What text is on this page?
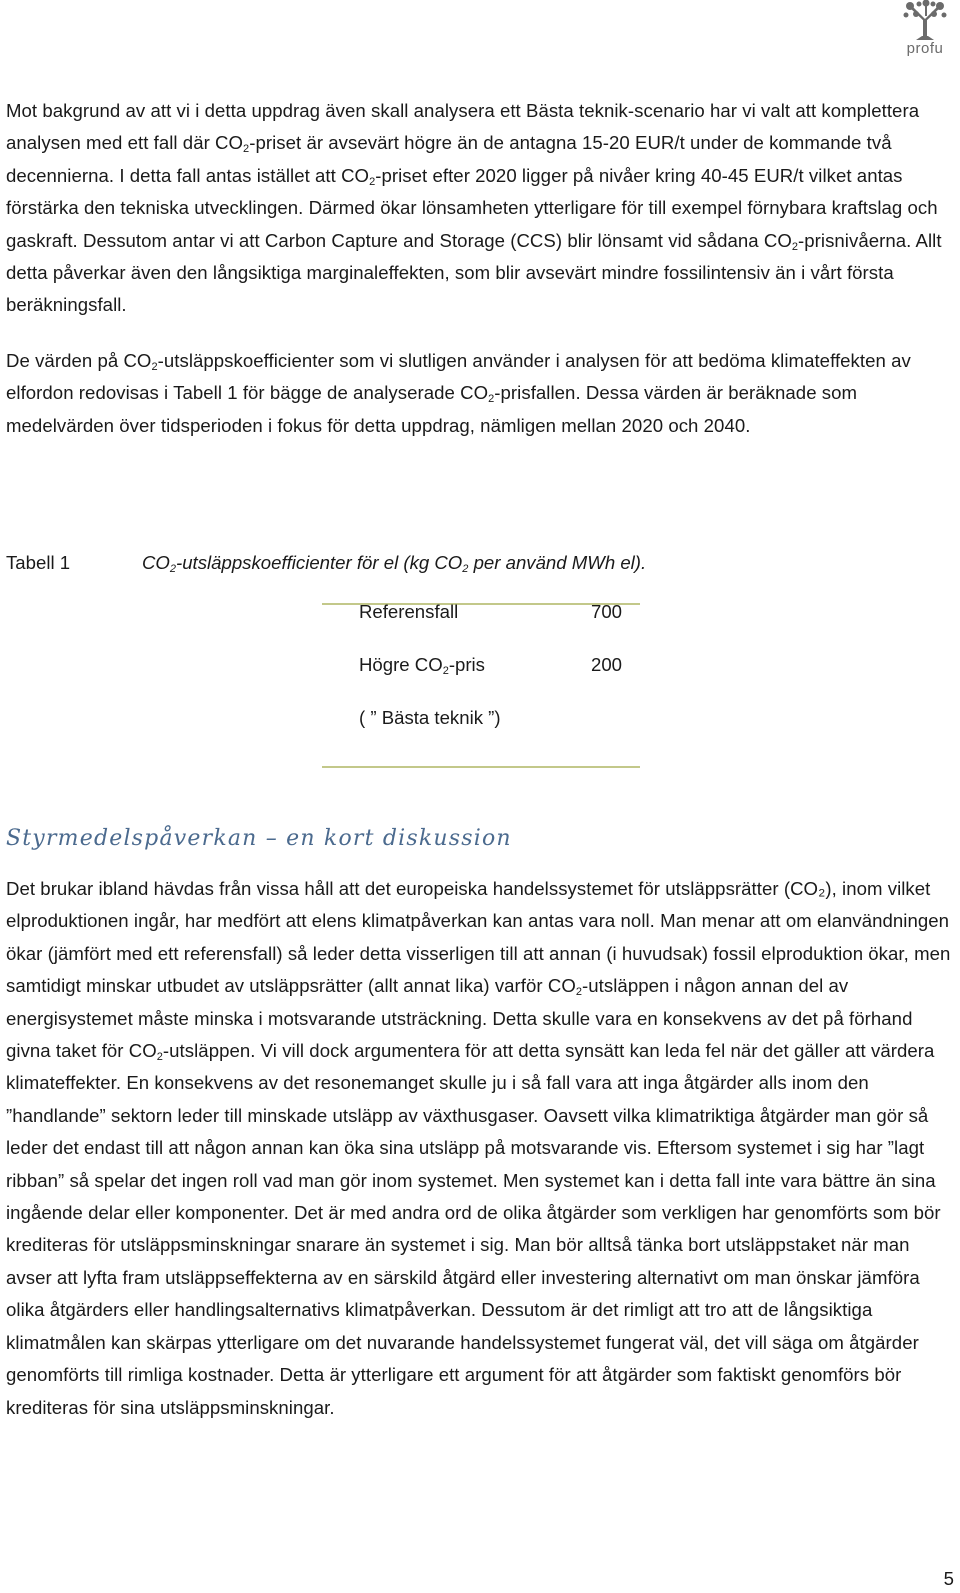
profu

Mot bakgrund av att vi i detta uppdrag även skall analysera ett Bästa teknik-scenario har vi valt att komplettera analysen med ett fall där $CO_2$-priset är avsevärt högre än de antagna 15-20 EUR/t under de kommande två decennierna. I detta fall antas istället att $CO_2$-priset efter 2020 ligger på nivåer kring 40-45 EUR/t vilket antas förstärka den tekniska utvecklingen. Därmed ökar lönsamheten ytterligare för till exempel förnybara kraftslag och gaskraft. Dessutom antar vi att Carbon Capture and Storage (CCS) blir lönsamt vid sådana $CO_2$-prisnivåerna. Allt detta påverkar även den långsiktiga marginaleffekten, som blir avsevärt mindre fossilintensiv än i vårt första beräkningsfall.

De värden på $CO_2$-utsläppskoefficienter som vi slutligen använder i analysen för att bedöma klimateffekten av elfordon redovisas i Tabell 1 för bägge de analyserade $CO_2$-prisfallen. Dessa värden är beräknade som medelvärden över tidsperioden i fokus för detta uppdrag, nämligen mellan 2020 och 2040.

Tabell 1	$CO_2$-utsläppskoefficienter för el (kg $CO_2$ per använd MWh el).
Referensfall	700
Högre $CO_2$-pris	200
( ” Bästa teknik ”)
Styrmedelspåverkan – en kort diskussion

Det brukar ibland hävdas från vissa håll att det europeiska handelssystemet för utsläppsrätter (CO₂), inom vilket elproduktionen ingår, har medfört att elens klimatpåverkan kan antas vara noll. Man menar att om elanvändningen ökar (jämfört med ett referensfall) så leder detta visserligen till att annan (i huvudsak) fossil elproduktion ökar, men samtidigt minskar utbudet av utsläppsrätter (allt annat lika) varför $CO_2$-utsläppen i någon annan del av energisystemet måste minska i motsvarande utsträckning. Detta skulle vara en konsekvens av det på förhand givna taket för $CO_2$-utsläppen. Vi vill dock argumentera för att detta synsätt kan leda fel när det gäller att värdera klimateffekter. En konsekvens av det resonemanget skulle ju i så fall vara att inga åtgärder alls inom den ”handlande” sektorn leder till minskade utsläpp av växthusgaser. Oavsett vilka klimatriktiga åtgärder man gör så leder det endast till att någon annan kan öka sina utsläpp på motsvarande vis. Eftersom systemet i sig har ”lagt ribban” så spelar det ingen roll vad man gör inom systemet. Men systemet kan i detta fall inte vara bättre än sina ingående delar eller komponenter. Det är med andra ord de olika åtgärder som verkligen har genomförts som bör krediteras för utsläppsminskningar snarare än systemet i sig. Man bör alltså tänka bort utsläppstaket när man avser att lyfta fram utsläppseffekterna av en särskild åtgärd eller investering alternativt om man önskar jämföra olika åtgärders eller handlingsalternativs klimatpåverkan. Dessutom är det rimligt att tro att de långsiktiga klimatmålen kan skärpas ytterligare om det nuvarande handelssystemet fungerat väl, det vill säga om åtgärder genomförts till rimliga kostnader. Detta är ytterligare ett argument för att åtgärder som faktiskt genomförs bör krediteras för sina utsläppsminskningar.

5
